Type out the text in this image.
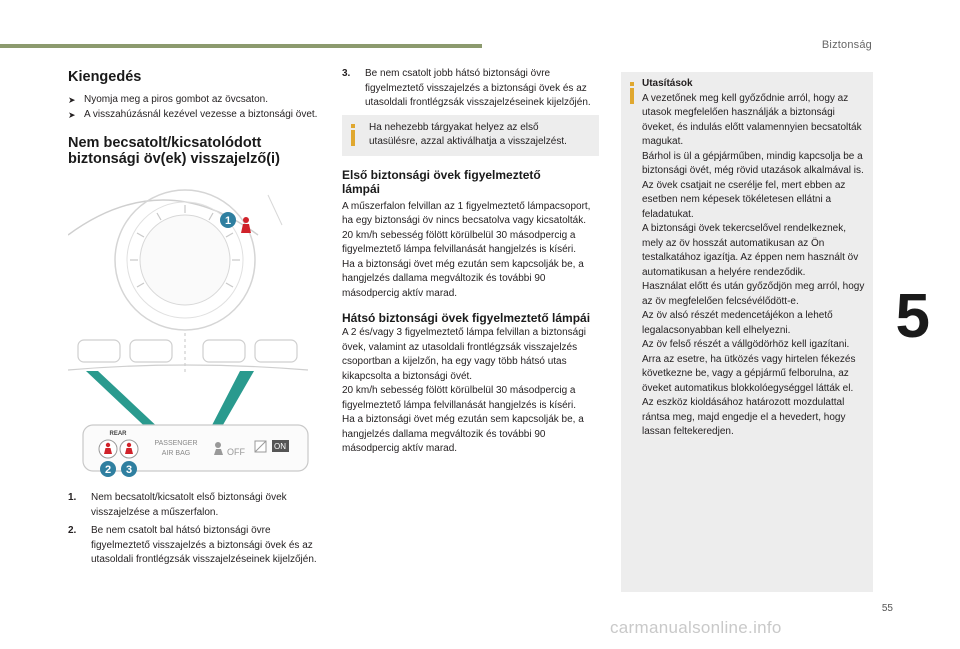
Biztonság
5
55
Kiengedés
➤ Nyomja meg a piros gombot az övcsaton.
➤ A visszahúzásnál kezével vezesse a biztonsági övet.
Nem becsatolt/kicsatolódott biztonsági öv(ek) visszajelző(i)
1
REAR
PASSENGER
AIR BAG	OFF
ON
2 3
1. Nem becsatolt/kicsatolt első biztonsági övek visszajelzése a műszerfalon.
2. Be nem csatolt bal hátsó biztonsági övre figyelmeztető visszajelzés a biztonsági övek és az utasoldali frontlégzsák visszajelzéseinek kijelzőjén.
3. Be nem csatolt jobb hátsó biztonsági övre figyelmeztető visszajelzés a biztonsági övek és az utasoldali frontlégzsák visszajelzéseinek kijelzőjén.

Ha nehezebb tárgyakat helyez az első utasülésre, azzal aktiválhatja a visszajelzést.

Első biztonsági övek figyelmeztető lámpái

A műszerfalon felvillan az 1 figyelmeztető lámpacsoport, ha egy biztonsági öv nincs becsatolva vagy kicsatolták.

20 km/h sebesség fölött körülbelül 30 másodpercig a figyelmeztető lámpa felvillanását hangjelzés is kíséri.

Ha a biztonsági övet még ezután sem kapcsolják be, a hangjelzés dallama megváltozik és további 90 másodpercig aktív marad.

Hátsó biztonsági övek figyelmeztető lámpái

A 2 és/vagy 3 figyelmeztető lámpa felvillan a biztonsági övek, valamint az utasoldali frontlégzsák visszajelzés csoportban a kijelzőn, ha egy vagy több hátsó utas kikapcsolta a biztonsági övét.

20 km/h sebesség fölött körülbelül 30 másodpercig a figyelmeztető lámpa felvillanását hangjelzés is kíséri.

Ha a biztonsági övet még ezután sem kapcsolják be, a hangjelzés dallama megváltozik és további 90 másodpercig aktív marad.

Utasítások

A vezetőnek meg kell győződnie arról, hogy az utasok megfelelően használják a biztonsági öveket, és indulás előtt valamennyien becsatolták magukat.

Bárhol is ül a gépjárműben, mindig kapcsolja be a biztonsági övét, még rövid utazások alkalmával is.

Az övek csatjait ne cserélje fel, mert ebben az esetben nem képesek tökéletesen ellátni a feladatukat.

A biztonsági övek tekercselővel rendelkeznek, mely az öv hosszát automatikusan az Ön testalkatához igazítja. Az éppen nem használt öv automatikusan a helyére rendeződik.

Használat előtt és után győződjön meg arról, hogy az öv megfelelően felcsévélődött-e.

Az öv alsó részét medencetájékon a lehető legalacsonyabban kell elhelyezni.

Az öv felső részét a vállgödörhöz kell igazítani.

Arra az esetre, ha ütközés vagy hirtelen fékezés következne be, vagy a gépjármű felborulna, az öveket automatikus blokkolóegységgel látták el. Az eszköz kioldásához határozott mozdulattal rántsa meg, majd engedje el a hevedert, hogy lassan feltekeredjen.

carmanualsonline.info
